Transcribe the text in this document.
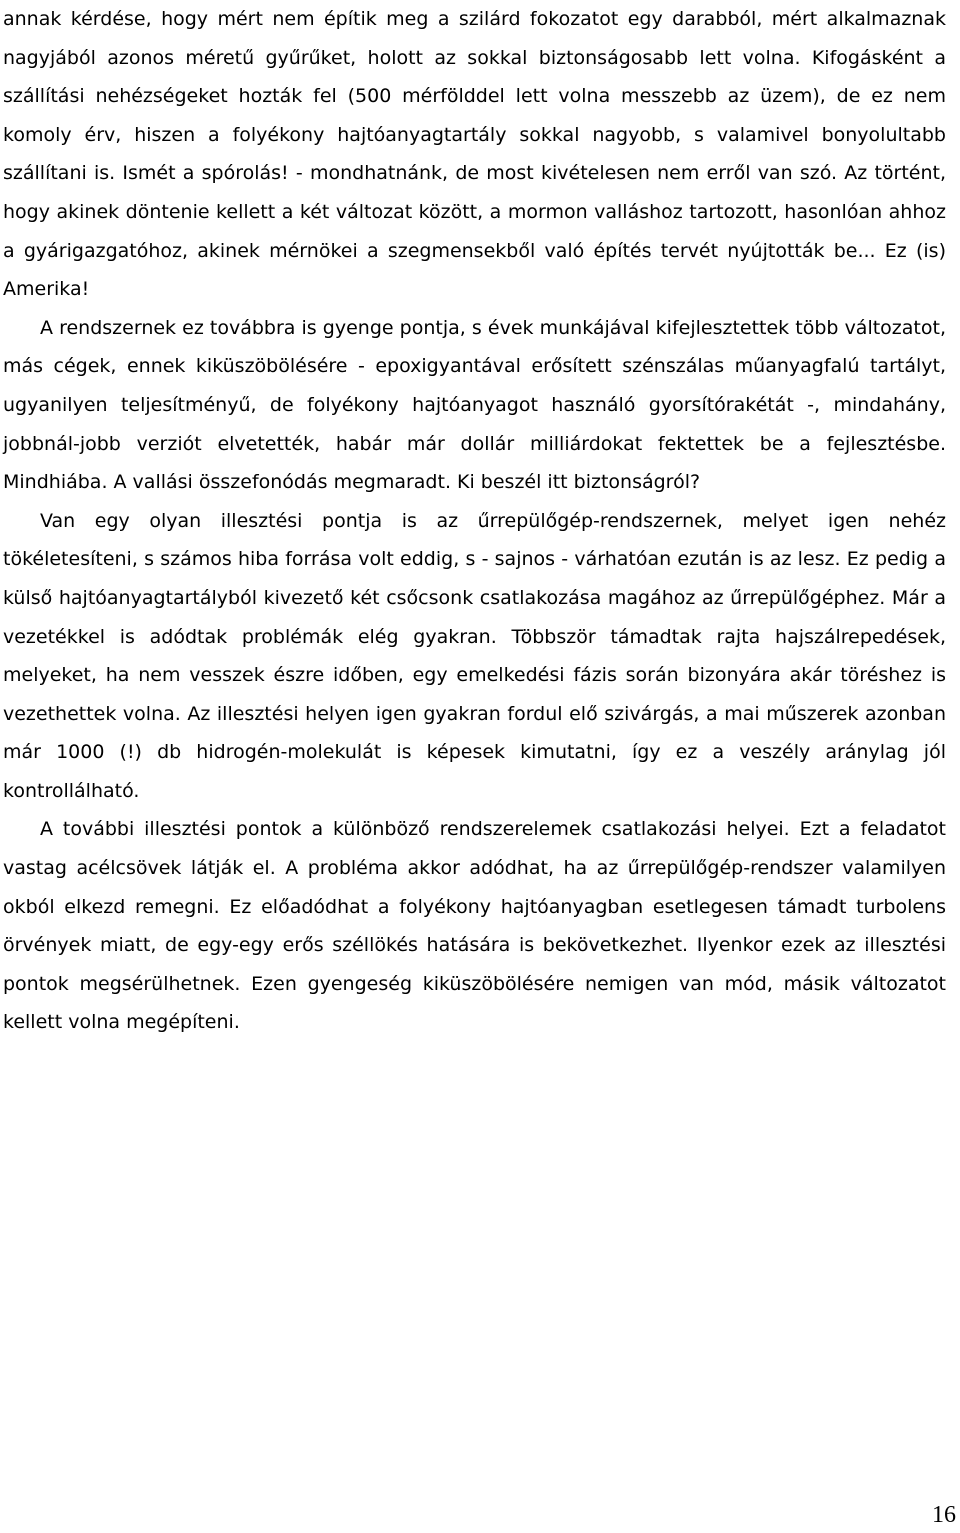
annak kérdése, hogy mért nem építik meg a szilárd fokozatot egy darabból, mért alkalmaznak nagyjából azonos méretű gyűrűket, holott az sokkal biztonságosabb lett volna. Kifogásként a szállítási nehézségeket hozták fel (500 mérfölddel lett volna messzebb az üzem), de ez nem komoly érv, hiszen a folyékony hajtóanyagtartály sokkal nagyobb, s valamivel bonyolultabb szállítani is. Ismét a spórolás! - mondhatnánk, de most kivételesen nem erről van szó. Az történt, hogy akinek döntenie kellett a két változat között, a mormon valláshoz tartozott, hasonlóan ahhoz a gyárigazgatóhoz, akinek mérnökei a szegmensekből való építés tervét nyújtották be... Ez (is) Amerika!

A rendszernek ez továbbra is gyenge pontja, s évek munkájával kifejlesztettek több változatot, más cégek, ennek kiküszöbölésére - epoxigyantával erősített szénszálas műanyagfalú tartályt, ugyanilyen teljesítményű, de folyékony hajtóanyagot használó gyorsítórakétát -, mindahány, jobbnál-jobb verziót elvetették, habár már dollár milliárdokat fektettek be a fejlesztésbe. Mindhiába. A vallási összefonódás megmaradt. Ki beszél itt biztonságról?

Van egy olyan illesztési pontja is az űrrepülőgép-rendszernek, melyet igen nehéz tökéletesíteni, s számos hiba forrása volt eddig, s - sajnos - várhatóan ezután is az lesz. Ez pedig a külső hajtóanyagtartályból kivezető két csőcsonk csatlakozása magához az űrrepülőgéphez. Már a vezetékkel is adódtak problémák elég gyakran. Többször támadtak rajta hajszálrepedések, melyeket, ha nem vesszek észre időben, egy emelkedési fázis során bizonyára akár töréshez is vezethettek volna. Az illesztési helyen igen gyakran fordul elő szivárgás, a mai műszerek azonban már 1000 (!) db hidrogén-molekulát is képesek kimutatni, így ez a veszély aránylag jól kontrollálható.

A további illesztési pontok a különböző rendszerelemek csatlakozási helyei. Ezt a feladatot vastag acélcsövek látják el. A probléma akkor adódhat, ha az űrrepülőgép-rendszer valamilyen okból elkezd remegni. Ez előadódhat a folyékony hajtóanyagban esetlegesen támadt turbolens örvények miatt, de egy-egy erős széllökés hatására is bekövetkezhet. Ilyenkor ezek az illesztési pontok megsérülhetnek. Ezen gyengeség kiküszöbölésére nemigen van mód, másik változatot kellett volna megépíteni.

16
